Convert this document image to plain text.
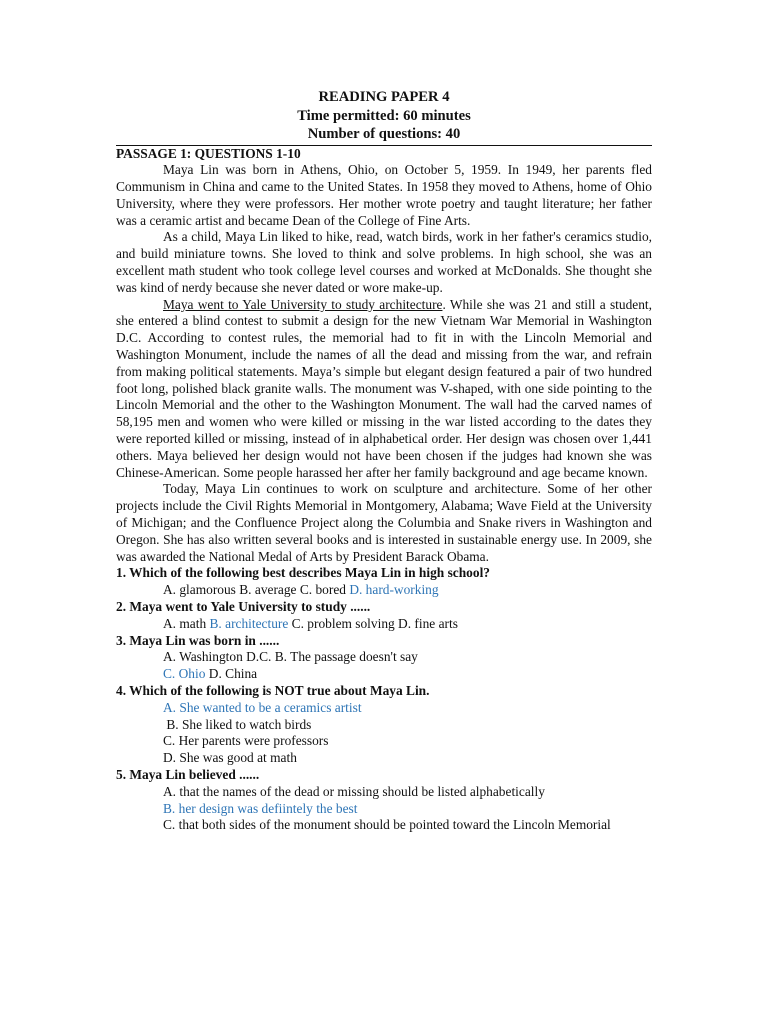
READING PAPER 4
Time permitted: 60 minutes
Number of questions: 40
PASSAGE 1: QUESTIONS 1-10

Maya Lin was born in Athens, Ohio, on October 5, 1959. In 1949, her parents fled Communism in China and came to the United States. In 1958 they moved to Athens, home of Ohio University, where they were professors. Her mother wrote poetry and taught literature; her father was a ceramic artist and became Dean of the College of Fine Arts.

As a child, Maya Lin liked to hike, read, watch birds, work in her father's ceramics studio, and build miniature towns. She loved to think and solve problems. In high school, she was an excellent math student who took college level courses and worked at McDonalds. She thought she was kind of nerdy because she never dated or wore make-up.

Maya went to Yale University to study architecture. While she was 21 and still a student, she entered a blind contest to submit a design for the new Vietnam War Memorial in Washington D.C. According to contest rules, the memorial had to fit in with the Lincoln Memorial and Washington Monument, include the names of all the dead and missing from the war, and refrain from making political statements. Maya’s simple but elegant design featured a pair of two hundred foot long, polished black granite walls. The monument was V-shaped, with one side pointing to the Lincoln Memorial and the other to the Washington Monument. The wall had the carved names of 58,195 men and women who were killed or missing in the war listed according to the dates they were reported killed or missing, instead of in alphabetical order. Her design was chosen over 1,441 others. Maya believed her design would not have been chosen if the judges had known she was Chinese-American. Some people harassed her after her family background and age became known.

Today, Maya Lin continues to work on sculpture and architecture. Some of her other projects include the Civil Rights Memorial in Montgomery, Alabama; Wave Field at the University of Michigan; and the Confluence Project along the Columbia and Snake rivers in Washington and Oregon. She has also written several books and is interested in sustainable energy use. In 2009, she was awarded the National Medal of Arts by President Barack Obama.

1. Which of the following best describes Maya Lin in high school?

A. glamorous B. average C. bored D. hard-working

2. Maya went to Yale University to study ......

A. math B. architecture C. problem solving D. fine arts

3. Maya Lin was born in ......

A. Washington D.C. B. The passage doesn't say

C. Ohio D. China

4. Which of the following is NOT true about Maya Lin.

A. She wanted to be a ceramics artist

B. She liked to watch birds

C. Her parents were professors

D. She was good at math

5. Maya Lin believed ......

A. that the names of the dead or missing should be listed alphabetically

B. her design was defiintely the best

C. that both sides of the monument should be pointed toward the Lincoln Memorial
